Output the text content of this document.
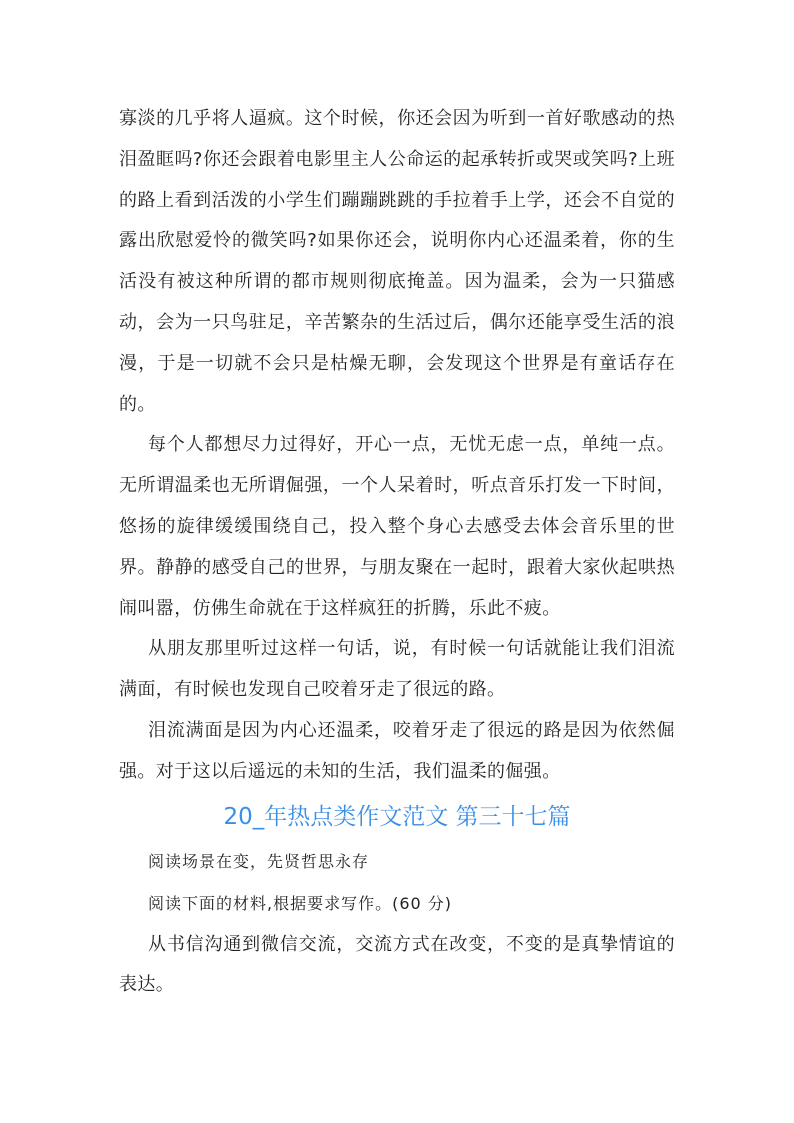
寡淡的几乎将人逼疯。这个时候，你还会因为听到一首好歌感动的热泪盈眶吗?你还会跟着电影里主人公命运的起承转折或哭或笑吗?上班的路上看到活泼的小学生们蹦蹦跳跳的手拉着手上学，还会不自觉的露出欣慰爱怜的微笑吗?如果你还会，说明你内心还温柔着，你的生活没有被这种所谓的都市规则彻底掩盖。因为温柔，会为一只猫感动，会为一只鸟驻足，辛苦繁杂的生活过后，偶尔还能享受生活的浪漫，于是一切就不会只是枯燥无聊，会发现这个世界是有童话存在的。

每个人都想尽力过得好，开心一点，无忧无虑一点，单纯一点。无所谓温柔也无所谓倔强，一个人呆着时，听点音乐打发一下时间，悠扬的旋律缓缓围绕自己，投入整个身心去感受去体会音乐里的世界。静静的感受自己的世界，与朋友聚在一起时，跟着大家伙起哄热闹叫嚣，仿佛生命就在于这样疯狂的折腾，乐此不疲。

从朋友那里听过这样一句话，说，有时候一句话就能让我们泪流满面，有时候也发现自己咬着牙走了很远的路。

泪流满面是因为内心还温柔，咬着牙走了很远的路是因为依然倔强。对于这以后遥远的未知的生活，我们温柔的倔强。

20_年热点类作文范文 第三十七篇

阅读场景在变，先贤哲思永存

阅读下面的材料,根据要求写作。(60 分)

从书信沟通到微信交流，交流方式在改变，不变的是真挚情谊的表达。
